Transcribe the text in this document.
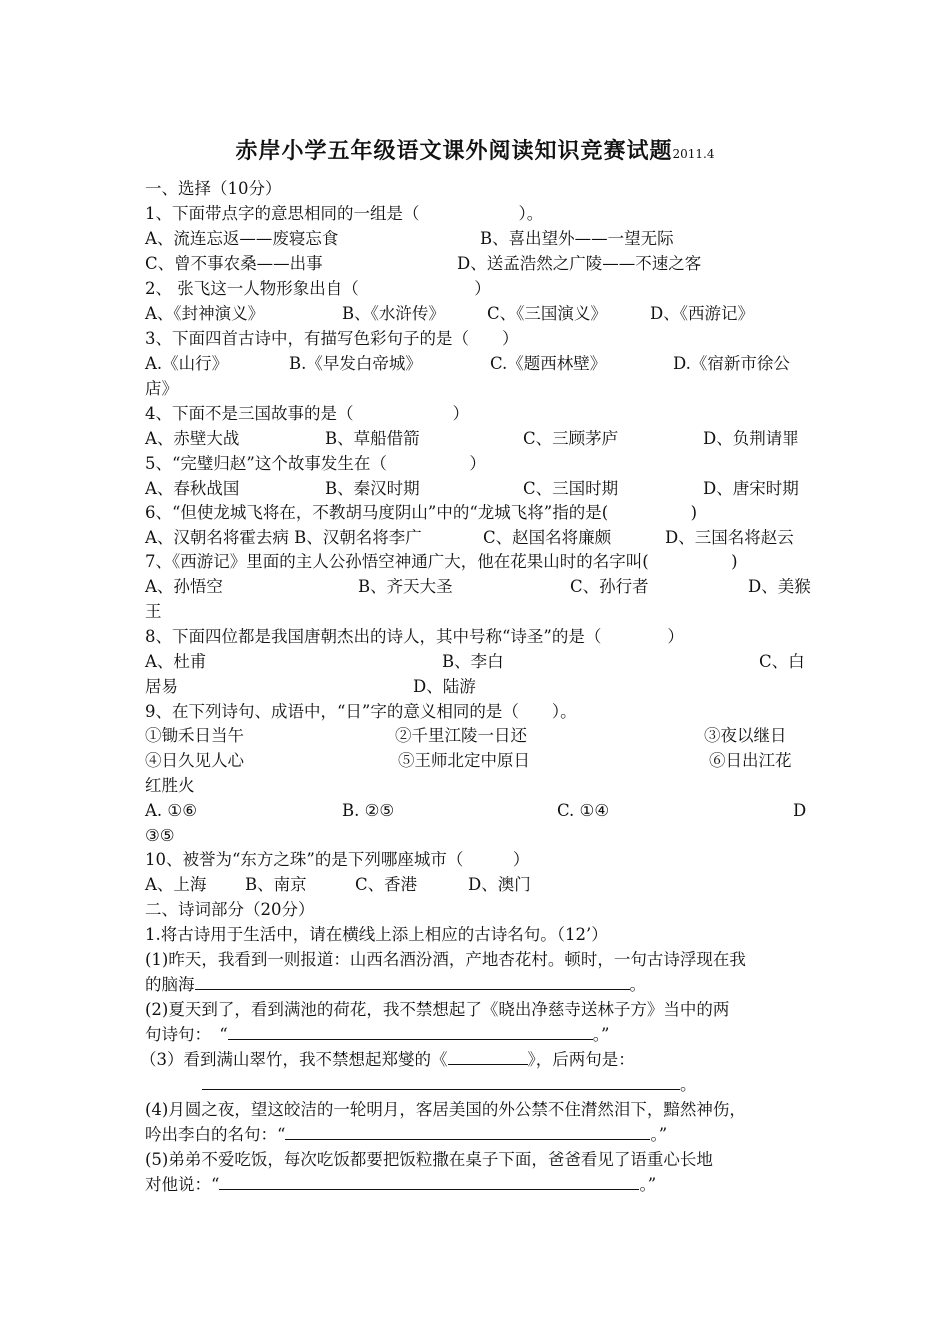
赤岸小学五年级语文课外阅读知识竞赛试题2011.4
一、选择（10分）
1、下面带点字的意思相同的一组是（　　　　　　）。
A、流连忘返——废寝忘食	B、喜出望外——一望无际
C、曾不事农桑——出事	D、送孟浩然之广陵——不速之客
2、 张飞这一人物形象出自（　　　　　　　）
A、《封神演义》	B、《水浒传》	C、《三国演义》	D、《西游记》
3、下面四首古诗中，有描写色彩句子的是（　　）
A.《山行》	B.《早发白帝城》	C.《题西林壁》	D.《宿新市徐公
店》
4、下面不是三国故事的是（　　　　　　）
A、赤壁大战	B、草船借箭	C、三顾茅庐	D、负荆请罪
5、“完璧归赵”这个故事发生在（　　　　　）
A、春秋战国	B、秦汉时期	C、三国时期	D、唐宋时期
6、“但使龙城飞将在，不教胡马度阴山”中的“龙城飞将”指的是(　　　　　)
A、汉朝名将霍去病 B、汉朝名将李广	C、赵国名将廉颇	D、三国名将赵云
7、《西游记》里面的主人公孙悟空神通广大，他在花果山时的名字叫(　　　　　)
A、孙悟空	B、齐天大圣	C、孙行者	D、美猴
王
8、下面四位都是我国唐朝杰出的诗人，其中号称“诗圣”的是（　　　　）
A、杜甫	B、李白	C、白
居易	D、陆游
9、在下列诗句、成语中，“日”字的意义相同的是（　　）。
①锄禾日当午	②千里江陵一日还	③夜以继日
④日久见人心	⑤王师北定中原日	⑥日出江花
红胜火
A. ①⑥	B. ②⑤	C. ①④	D
③⑤
10、被誉为“东方之珠”的是下列哪座城市（　　　）
A、上海 B、南京	C、香港	D、澳门
二、诗词部分（20分）
1.将古诗用于生活中，请在横线上添上相应的古诗名句。（12’）
(1)昨天，我看到一则报道：山西名酒汾酒，产地杏花村。顿时，一句古诗浮现在我
的脑海	。
(2)夏天到了，看到满池的荷花，我不禁想起了《晓出净慈寺送林子方》当中的两
句诗句：　“	。”
（3）看到满山翠竹，我不禁想起郑燮的《	》，后两句是：
。
(4)月圆之夜，望这皎洁的一轮明月，客居美国的外公禁不住潸然泪下，黯然神伤，
吟出李白的名句：“	。”
(5)弟弟不爱吃饭，每次吃饭都要把饭粒撒在桌子下面，爸爸看见了语重心长地
对他说：“	。”
